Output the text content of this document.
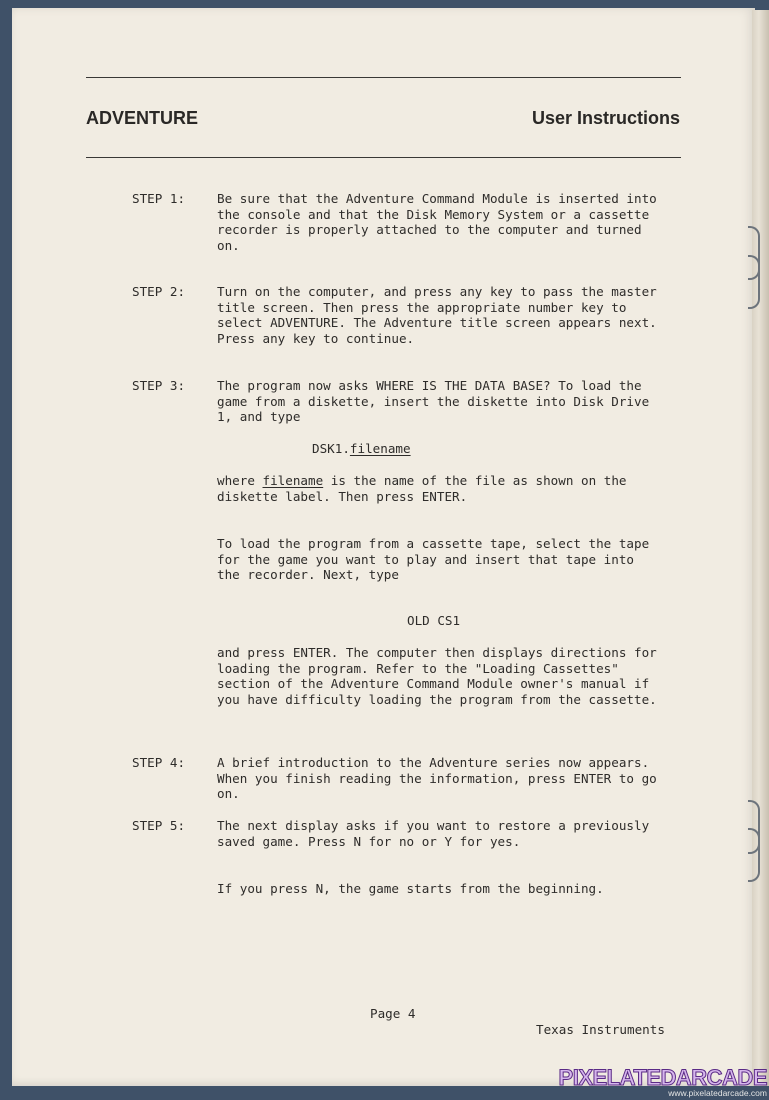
ADVENTURE	User Instructions
STEP 1:	Be sure that the Adventure Command Module is inserted into the console and that the Disk Memory System or a cassette recorder is properly attached to the computer and turned on.

STEP 2:	Turn on the computer, and press any key to pass the master title screen. Then press the appropriate number key to select ADVENTURE. The Adventure title screen appears next. Press any key to continue.

STEP 3:	The program now asks WHERE IS THE DATA BASE? To load the game from a diskette, insert the diskette into Disk Drive 1, and type

DSK1.filename

where filename is the name of the file as shown on the diskette label. Then press ENTER.

To load the program from a cassette tape, select the tape for the game you want to play and insert that tape into the recorder. Next, type

OLD CS1

and press ENTER. The computer then displays directions for loading the program. Refer to the "Loading Cassettes" section of the Adventure Command Module owner's manual if you have difficulty loading the program from the cassette.

STEP 4:	A brief introduction to the Adventure series now appears. When you finish reading the information, press ENTER to go on.

STEP 5:	The next display asks if you want to restore a previously saved game. Press N for no or Y for yes.

If you press N, the game starts from the beginning.

Page 4
Texas Instruments
PIXELATEDARCADE
www.pixelatedarcade.com
